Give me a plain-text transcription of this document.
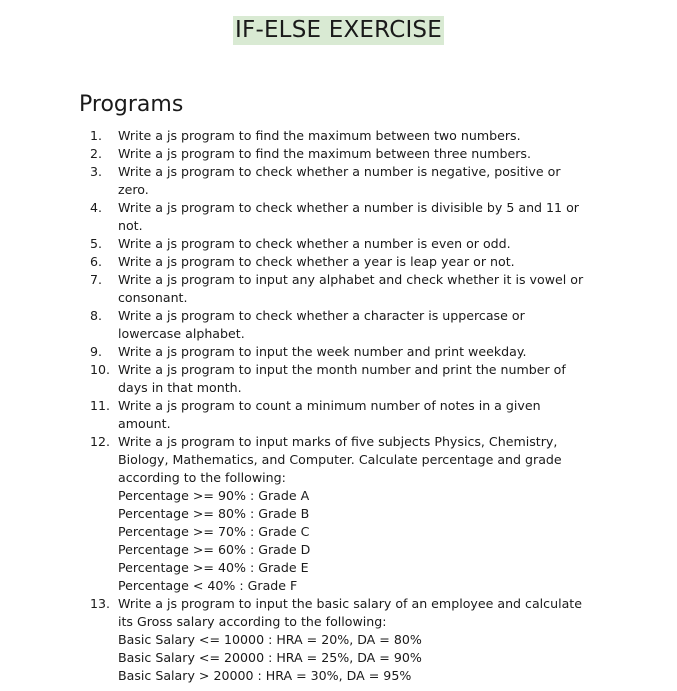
IF-ELSE EXERCISE
Programs
1.	Write a js program to find the maximum between two numbers.
2.	Write a js program to find the maximum between three numbers.
3.	Write a js program to check whether a number is negative, positive or
zero.
4.	Write a js program to check whether a number is divisible by 5 and 11 or
not.
5.	Write a js program to check whether a number is even or odd.
6.	Write a js program to check whether a year is leap year or not.
7.	Write a js program to input any alphabet and check whether it is vowel or
consonant.
8.	Write a js program to check whether a character is uppercase or
lowercase alphabet.
9.	Write a js program to input the week number and print weekday.
10. Write a js program to input the month number and print the number of
days in that month.
11. Write a js program to count a minimum number of notes in a given
amount.
12. Write a js program to input marks of five subjects Physics, Chemistry,
Biology, Mathematics, and Computer. Calculate percentage and grade
according to the following:
Percentage >= 90% : Grade A
Percentage >= 80% : Grade B
Percentage >= 70% : Grade C
Percentage >= 60% : Grade D
Percentage >= 40% : Grade E
Percentage < 40% : Grade F
13. Write a js program to input the basic salary of an employee and calculate
its Gross salary according to the following:
Basic Salary <= 10000 : HRA = 20%, DA = 80%
Basic Salary <= 20000 : HRA = 25%, DA = 90%
Basic Salary > 20000 : HRA = 30%, DA = 95%
